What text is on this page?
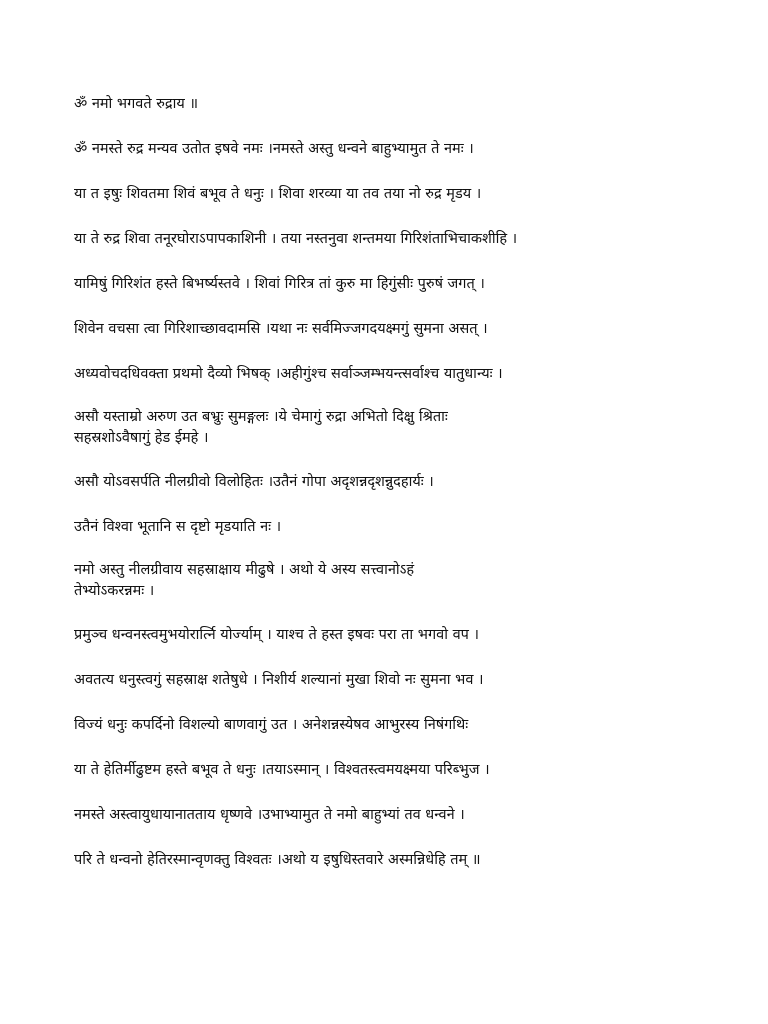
ॐ नमो भगवते रुद्राय ॥

ॐ नमस्ते रुद्र मन्यव उतोत इषवे नमः ।नमस्ते अस्तु धन्वने बाहुभ्यामुत ते नमः ।

या त इषुः शिवतमा शिवं बभूव ते धनुः । शिवा शरव्या या तव तया नो रुद्र मृडय ।

या ते रुद्र शिवा तनूरघोराऽपापकाशिनी । तया नस्तनुवा शन्तमया गिरिशंताभिचाकशीहि ।

यामिषुं गिरिशंत हस्ते बिभर्ष्यस्तवे । शिवां गिरित्र तां कुरु मा हिगुंसीः पुरुषं जगत् ।

शिवेन वचसा त्वा गिरिशाच्छावदामसि ।यथा नः सर्वमिज्जगदयक्ष्मगुं सुमना असत् ।

अध्यवोचदधिवक्ता प्रथमो दैव्यो भिषक् ।अहीगुंश्च सर्वाञ्जम्भयन्त्सर्वाश्च यातुधान्यः ।

असौ यस्ताम्रो अरुण उत बभ्रुः सुमङ्गलः ।ये चेमागुं रुद्रा अभितो दिक्षु श्रिताः
सहस्रशोऽवैषागुं हेड ईमहे ।

असौ योऽवसर्पति नीलग्रीवो विलोहितः ।उतैनं गोपा अदृशन्नदृशन्नुदहार्यः ।

उतैनं विश्वा भूतानि स दृष्टो मृडयाति नः ।

नमो अस्तु नीलग्रीवाय सहस्राक्षाय मीढुषे । अथो ये अस्य सत्त्वानोऽहं
तेभ्योऽकरन्नमः ।

प्रमुञ्च धन्वनस्त्वमुभयोरार्त्नि योर्ज्याम् । याश्च ते हस्त इषवः परा ता भगवो वप ।

अवतत्य धनुस्त्वगुं सहस्राक्ष शतेषुधे । निशीर्य शल्यानां मुखा शिवो नः सुमना भव ।

विज्यं धनुः कपर्दिनो विशल्यो बाणवागुं उत । अनेशन्नस्येषव आभुरस्य निषंगथिः

या ते हेतिर्मीढुष्टम हस्ते बभूव ते धनुः ।तयाऽस्मान् । विश्वतस्त्वमयक्ष्मया परिब्भुज ।

नमस्ते अस्त्वायुधायानातताय धृष्णवे ।उभाभ्यामुत ते नमो बाहुभ्यां तव धन्वने ।

परि ते धन्वनो हेतिरस्मान्वृणक्तु विश्वतः ।अथो य इषुधिस्तवारे अस्मन्निधेहि तम् ॥
